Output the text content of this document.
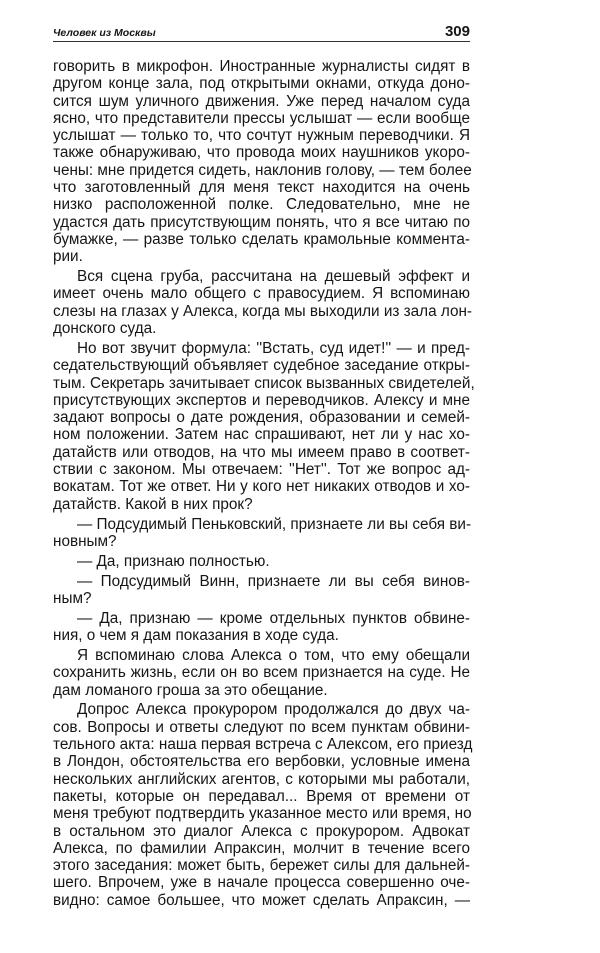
Человек из Москвы	309
говорить в микрофон. Иностранные журналисты сидят в
другом конце зала, под открытыми окнами, откуда доно-
сится шум уличного движения. Уже перед началом суда
ясно, что представители прессы услышат — если вообще
услышат — только то, что сочтут нужным переводчики. Я
также обнаруживаю, что провода моих наушников укоро-
чены: мне придется сидеть, наклонив голову, — тем более
что заготовленный для меня текст находится на очень
низко расположенной полке. Следовательно, мне не
удастся дать присутствующим понять, что я все читаю по
бумажке, — разве только сделать крамольные коммента-
рии.
Вся сцена груба, рассчитана на дешевый эффект и
имеет очень мало общего с правосудием. Я вспоминаю
слезы на глазах у Алекса, когда мы выходили из зала лон-
донского суда.
Но вот звучит формула: ''Встать, суд идет!'' — и пред-
седательствующий объявляет судебное заседание откры-
тым. Секретарь зачитывает список вызванных свидетелей,
присутствующих экспертов и переводчиков. Алексу и мне
задают вопросы о дате рождения, образовании и семей-
ном положении. Затем нас спрашивают, нет ли у нас хо-
датайств или отводов, на что мы имеем право в соответ-
ствии с законом. Мы отвечаем: ''Нет''. Тот же вопрос ад-
вокатам. Тот же ответ. Ни у кого нет никаких отводов и хо-
датайств. Какой в них прок?
— Подсудимый Пеньковский, признаете ли вы себя ви-
новным?
— Да, признаю полностью.
— Подсудимый Винн, признаете ли вы себя винов-
ным?
— Да, признаю — кроме отдельных пунктов обвине-
ния, о чем я дам показания в ходе суда.
Я вспоминаю слова Алекса о том, что ему обещали
сохранить жизнь, если он во всем признается на суде. Не
дам ломаного гроша за это обещание.
Допрос Алекса прокурором продолжался до двух ча-
сов. Вопросы и ответы следуют по всем пунктам обвини-
тельного акта: наша первая встреча с Алексом, его приезд
в Лондон, обстоятельства его вербовки, условные имена
нескольких английских агентов, с которыми мы работали,
пакеты, которые он передавал... Время от времени от
меня требуют подтвердить указанное место или время, но
в остальном это диалог Алекса с прокурором. Адвокат
Алекса, по фамилии Апраксин, молчит в течение всего
этого заседания: может быть, бережет силы для дальней-
шего. Впрочем, уже в начале процесса совершенно оче-
видно: самое большее, что может сделать Апраксин, —
